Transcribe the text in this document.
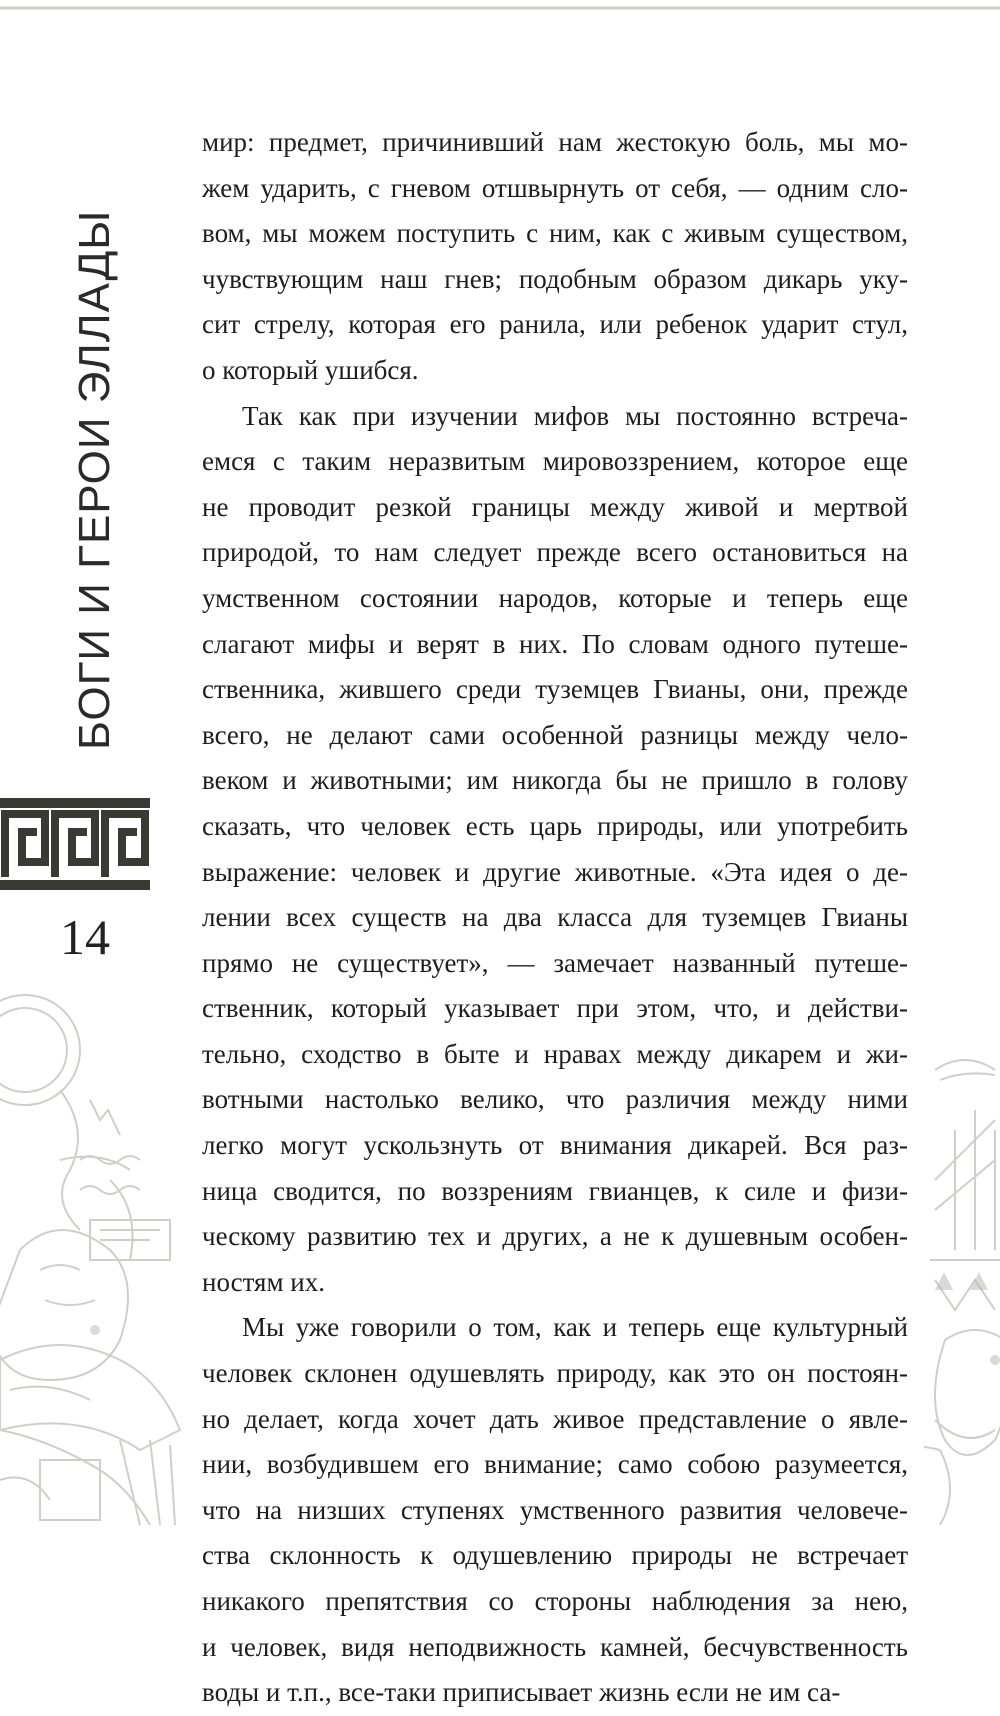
БОГИ И ГЕРОИ ЭЛЛАДЫ
14
мир: предмет, причинивший нам жестокую боль, мы мо-
жем ударить, с гневом отшвырнуть от себя, — одним сло-
вом, мы можем поступить с ним, как с живым существом,
чувствующим наш гнев; подобным образом дикарь уку-
сит стрелу, которая его ранила, или ребенок ударит стул,
о который ушибся.
Так как при изучении мифов мы постоянно встреча-
емся с таким неразвитым мировоззрением, которое еще
не проводит резкой границы между живой и мертвой
природой, то нам следует прежде всего остановиться на
умственном состоянии народов, которые и теперь еще
слагают мифы и верят в них. По словам одного путеше-
ственника, жившего среди туземцев Гвианы, они, прежде
всего, не делают сами особенной разницы между чело-
веком и животными; им никогда бы не пришло в голову
сказать, что человек есть царь природы, или употребить
выражение: человек и другие животные. «Эта идея о де-
лении всех существ на два класса для туземцев Гвианы
прямо не существует», — замечает названный путеше-
ственник, который указывает при этом, что, и действи-
тельно, сходство в быте и нравах между дикарем и жи-
вотными настолько велико, что различия между ними
легко могут ускользнуть от внимания дикарей. Вся раз-
ница сводится, по воззрениям гвианцев, к силе и физи-
ческому развитию тех и других, а не к душевным особен-
ностям их.
Мы уже говорили о том, как и теперь еще культурный
человек склонен одушевлять природу, как это он постоян-
но делает, когда хочет дать живое представление о явле-
нии, возбудившем его внимание; само собою разумеется,
что на низших ступенях умственного развития человече-
ства склонность к одушевлению природы не встречает
никакого препятствия со стороны наблюдения за нею,
и человек, видя неподвижность камней, бесчувственность
воды и т.п., все-таки приписывает жизнь если не им са-
